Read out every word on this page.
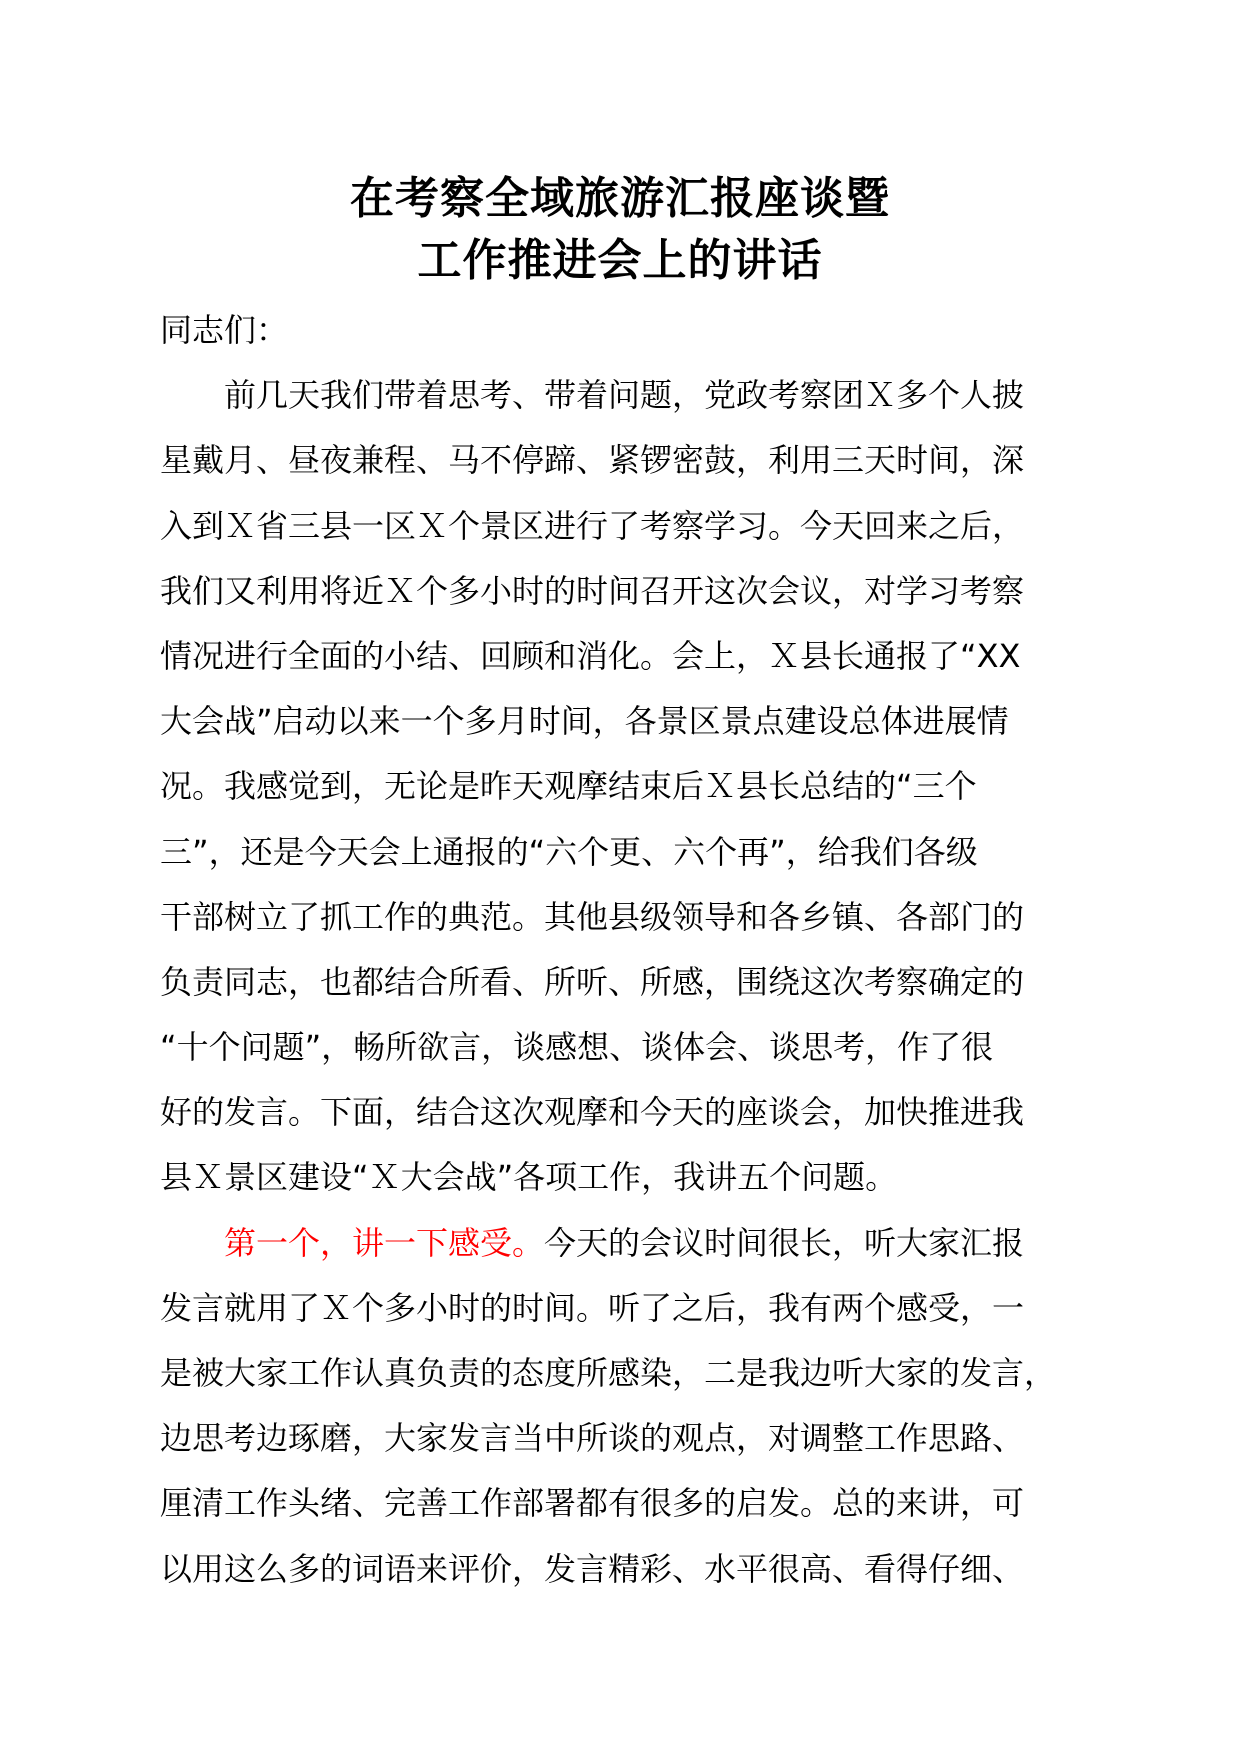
在考察全域旅游汇报座谈暨
工作推进会上的讲话
同志们：
前几天我们带着思考、带着问题，党政考察团Ｘ多个人披
星戴月、昼夜兼程、马不停蹄、紧锣密鼓，利用三天时间，深
入到Ｘ省三县一区Ｘ个景区进行了考察学习。今天回来之后，
我们又利用将近Ｘ个多小时的时间召开这次会议，对学习考察
情况进行全面的小结、回顾和消化。会上，Ｘ县长通报了“XX
大会战”启动以来一个多月时间，各景区景点建设总体进展情
况。我感觉到，无论是昨天观摩结束后Ｘ县长总结的“三个
三”，还是今天会上通报的“六个更、六个再”，给我们各级
干部树立了抓工作的典范。其他县级领导和各乡镇、各部门的
负责同志，也都结合所看、所听、所感，围绕这次考察确定的
“十个问题”，畅所欲言，谈感想、谈体会、谈思考，作了很
好的发言。下面，结合这次观摩和今天的座谈会，加快推进我
县Ｘ景区建设“Ｘ大会战”各项工作，我讲五个问题。
第一个，讲一下感受。今天的会议时间很长，听大家汇报
发言就用了Ｘ个多小时的时间。听了之后，我有两个感受，一
是被大家工作认真负责的态度所感染，二是我边听大家的发言，
边思考边琢磨，大家发言当中所谈的观点，对调整工作思路、
厘清工作头绪、完善工作部署都有很多的启发。总的来讲，可
以用这么多的词语来评价，发言精彩、水平很高、看得仔细、
